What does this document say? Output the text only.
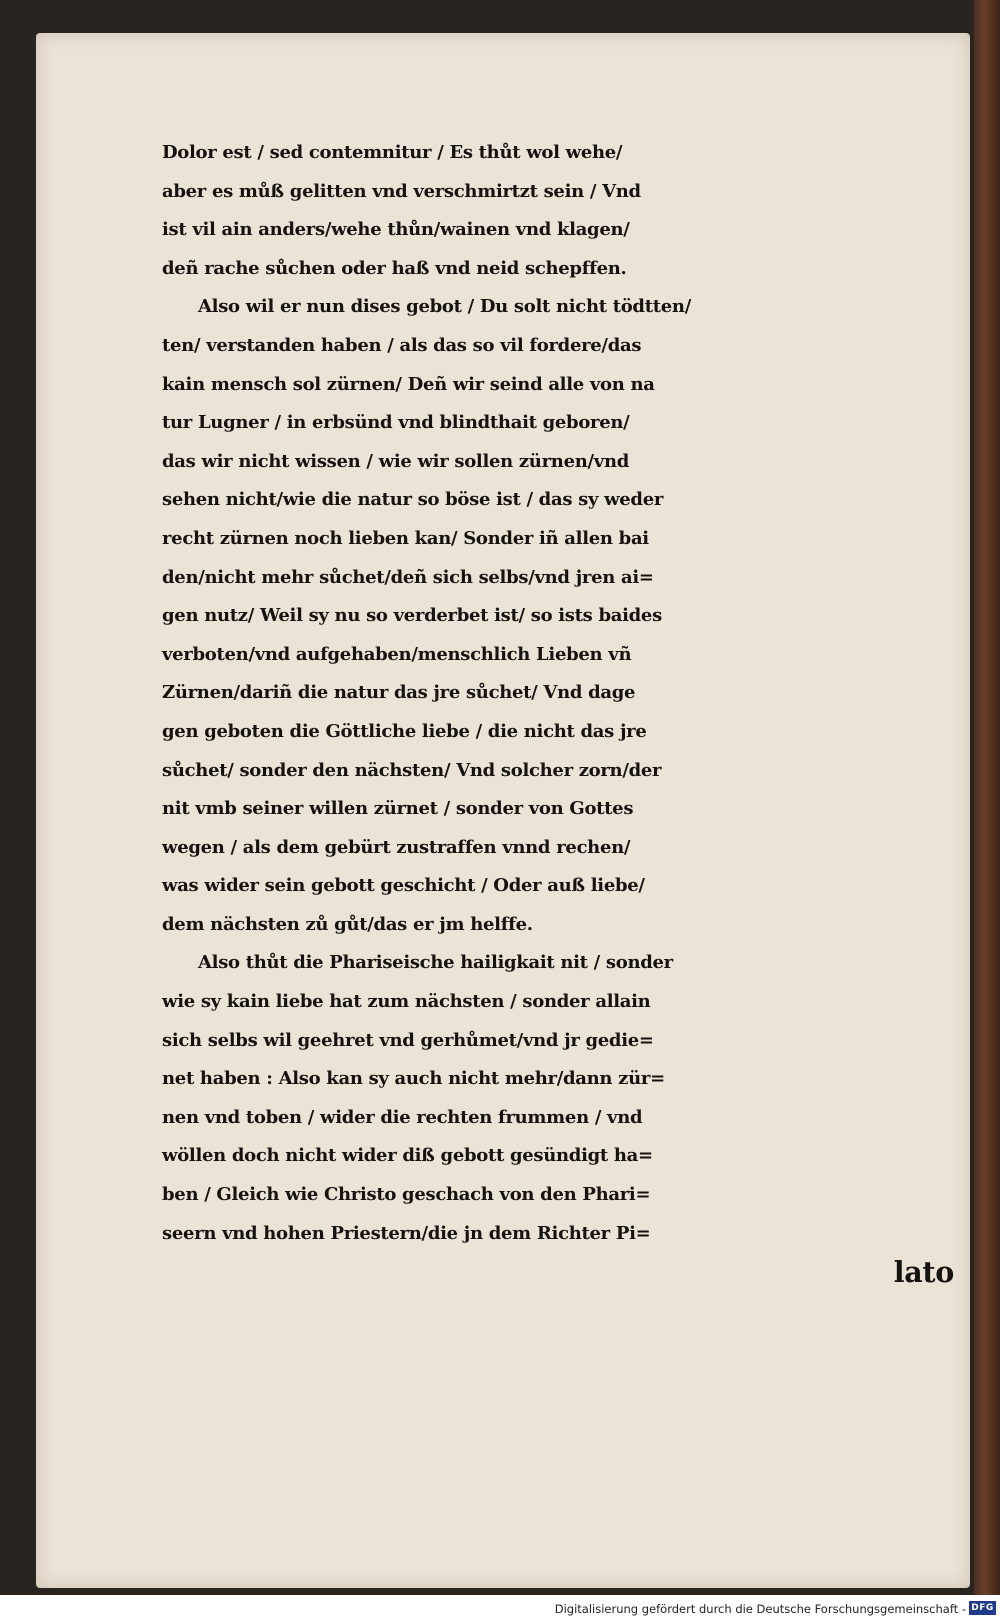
Dolor est / sed contemnitur / Es thůt wol wehe/
aber es můß gelitten vnd verschmirtzt sein / Vnd
ist vil ain anders/wehe thůn/wainen vnd klagen/
deñ rache sůchen oder haß vnd neid schepffen.
Also wil er nun dises gebot / Du solt nicht tödtten/
ten/ verstanden haben / als das so vil fordere/das
kain mensch sol zürnen/ Deñ wir seind alle von na
tur Lugner / in erbsünd vnd blindthait geboren/
das wir nicht wissen / wie wir sollen zürnen/vnd
sehen nicht/wie die natur so böse ist / das sy weder
recht zürnen noch lieben kan/ Sonder iñ allen bai
den/nicht mehr sůchet/deñ sich selbs/vnd jren ai=
gen nutz/ Weil sy nu so verderbet ist/ so ists baides
verboten/vnd aufgehaben/menschlich Lieben vñ
Zürnen/dariñ die natur das jre sůchet/ Vnd dage
gen geboten die Göttliche liebe / die nicht das jre
sůchet/ sonder den nächsten/ Vnd solcher zorn/der
nit vmb seiner willen zürnet / sonder von Gottes
wegen / als dem gebürt zustraffen vnnd rechen/
was wider sein gebott geschicht / Oder auß liebe/
dem nächsten zů gůt/das er jm helffe.
Also thůt die Phariseische hailigkait nit / sonder
wie sy kain liebe hat zum nächsten / sonder allain
sich selbs wil geehret vnd gerhůmet/vnd jr gedie=
net haben : Also kan sy auch nicht mehr/dann zür=
nen vnd toben / wider die rechten frummen / vnd
wöllen doch nicht wider diß gebott gesündigt ha=
ben / Gleich wie Christo geschach von den Phari=
seern vnd hohen Priestern/die jn dem Richter Pi=
lato
Digitalisierung gefördert durch die Deutsche Forschungsgemeinschaft - DFG
